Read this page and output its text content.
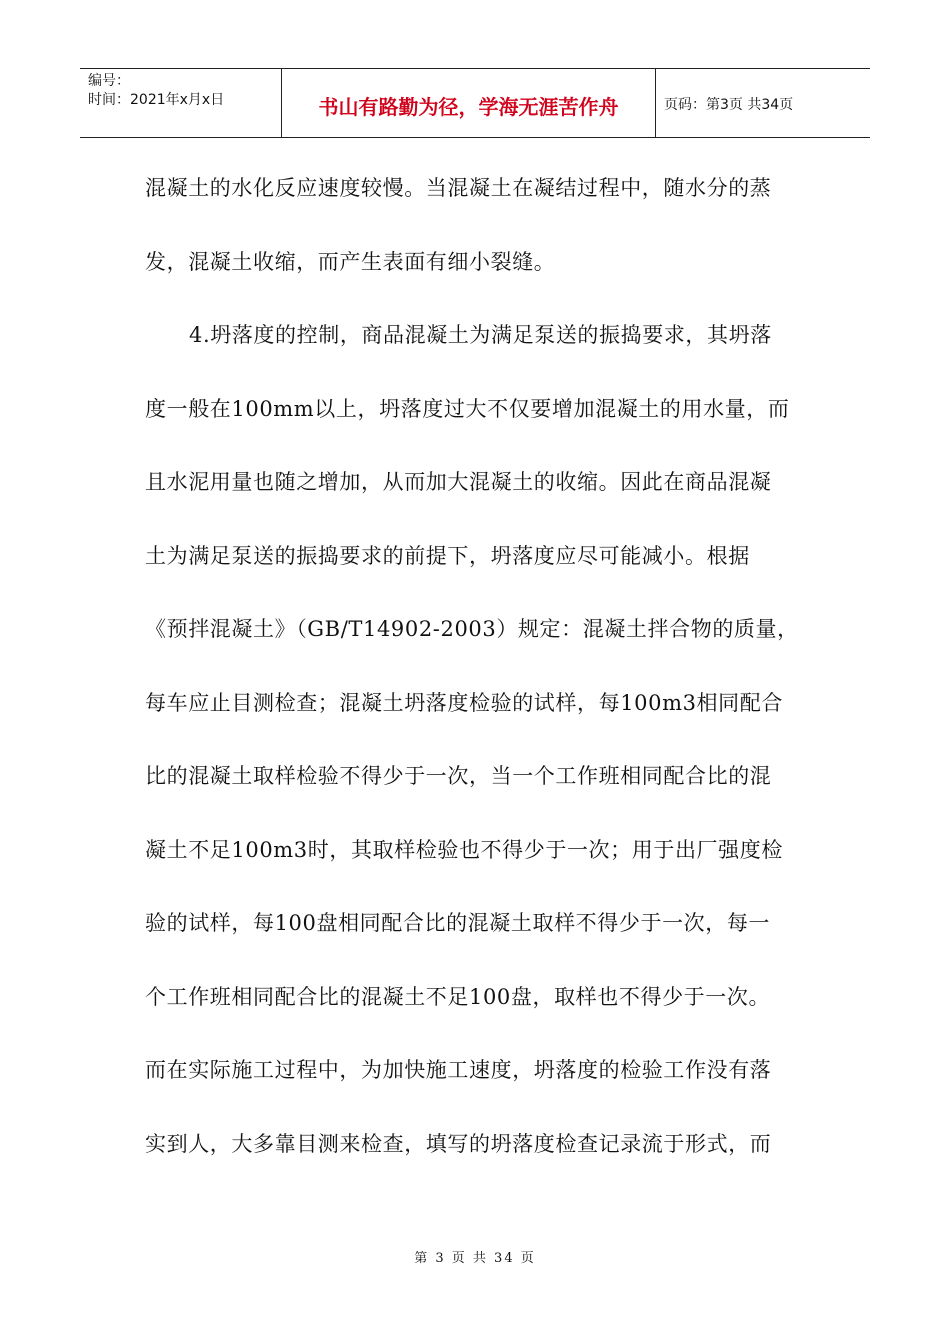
编号：
时间：2021年x月x日	书山有路勤为径，学海无涯苦作舟	页码：第3页 共34页
混凝土的水化反应速度较慢。当混凝土在凝结过程中，随水分的蒸
发，混凝土收缩，而产生表面有细小裂缝。
4.坍落度的控制，商品混凝土为满足泵送的振捣要求，其坍落
度一般在100mm以上，坍落度过大不仅要增加混凝土的用水量，而
且水泥用量也随之增加，从而加大混凝土的收缩。因此在商品混凝
土为满足泵送的振捣要求的前提下，坍落度应尽可能减小。根据
《预拌混凝土》（GB/T14902-2003）规定：混凝土拌合物的质量，
每车应止目测检查；混凝土坍落度检验的试样，每100m3相同配合
比的混凝土取样检验不得少于一次，当一个工作班相同配合比的混
凝土不足100m3时，其取样检验也不得少于一次；用于出厂强度检
验的试样，每100盘相同配合比的混凝土取样不得少于一次，每一
个工作班相同配合比的混凝土不足100盘，取样也不得少于一次。
而在实际施工过程中，为加快施工速度，坍落度的检验工作没有落
实到人，大多靠目测来检查，填写的坍落度检查记录流于形式，而
第 3 页 共 34 页
